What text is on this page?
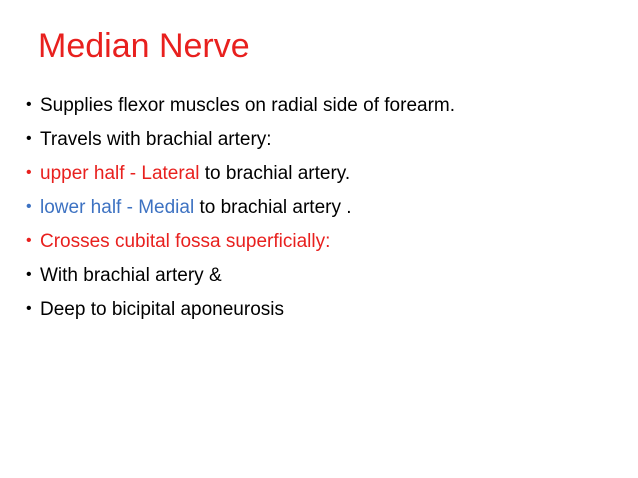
Median Nerve
• Supplies flexor muscles on radial side of forearm.
• Travels with brachial artery:
• upper half - Lateral to brachial artery.
• lower half - Medial to brachial artery .
• Crosses cubital fossa superficially:
• With brachial artery &
• Deep to bicipital aponeurosis
